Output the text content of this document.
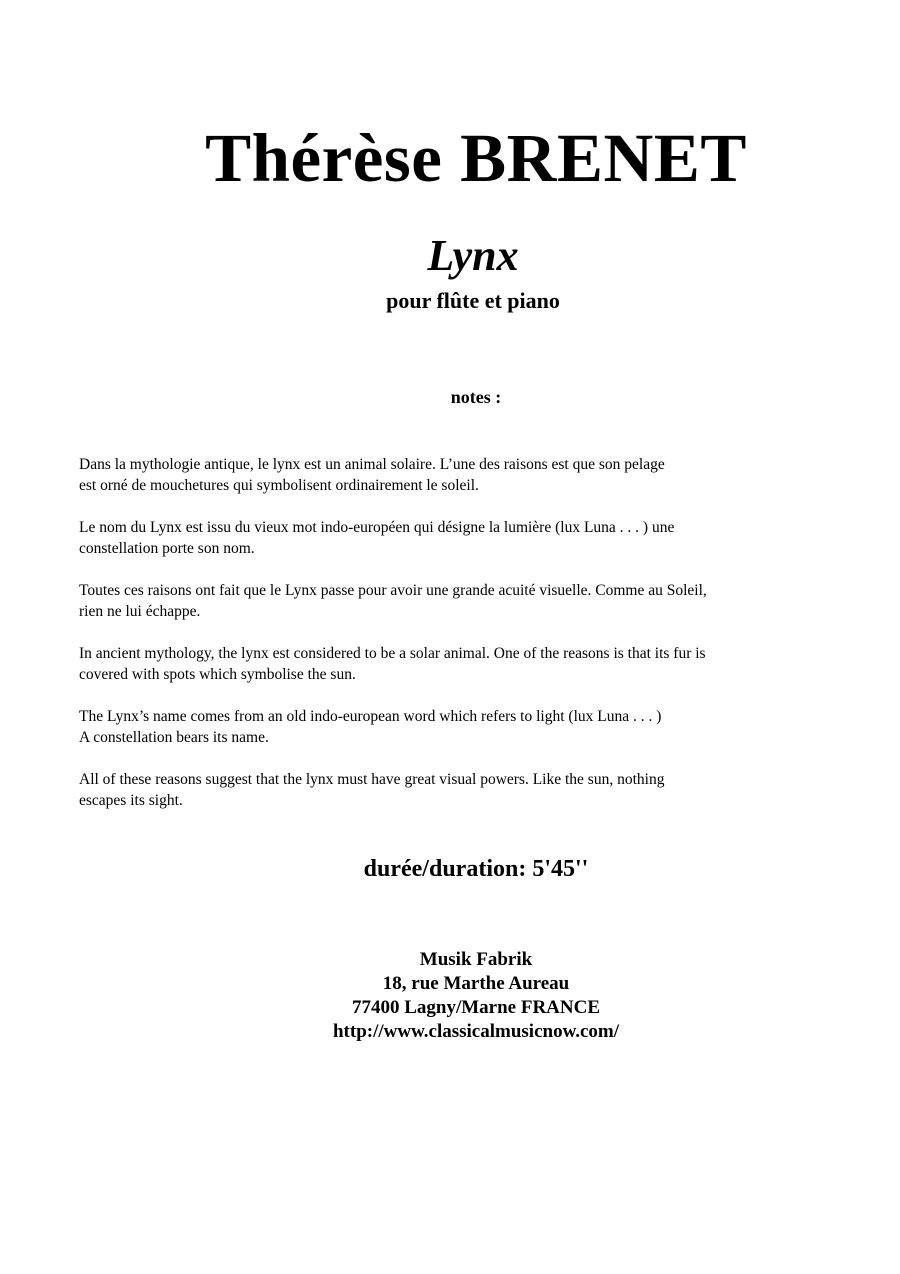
Thérèse BRENET
Lynx
pour flûte et piano
notes :

Dans la mythologie antique, le lynx est un animal solaire. L’une des raisons est que son pelage
est orné de mouchetures qui symbolisent ordinairement le soleil.

Le nom du Lynx est issu du vieux mot indo-européen qui désigne la lumière (lux Luna . . . ) une
constellation porte son nom.

Toutes ces raisons ont fait que le Lynx passe pour avoir une grande acuité visuelle. Comme au Soleil,
rien ne lui échappe.

In ancient mythology, the lynx est considered to be a solar animal. One of the reasons is that its fur is
covered with spots which symbolise the sun.

The Lynx’s name comes from an old indo-european word which refers to light (lux Luna . . . )
A constellation bears its name.

All of these reasons suggest that the lynx must have great visual powers. Like the sun, nothing
escapes its sight.

durée/duration: 5'45''
Musik Fabrik
18, rue Marthe Aureau
77400 Lagny/Marne FRANCE
http://www.classicalmusicnow.com/
